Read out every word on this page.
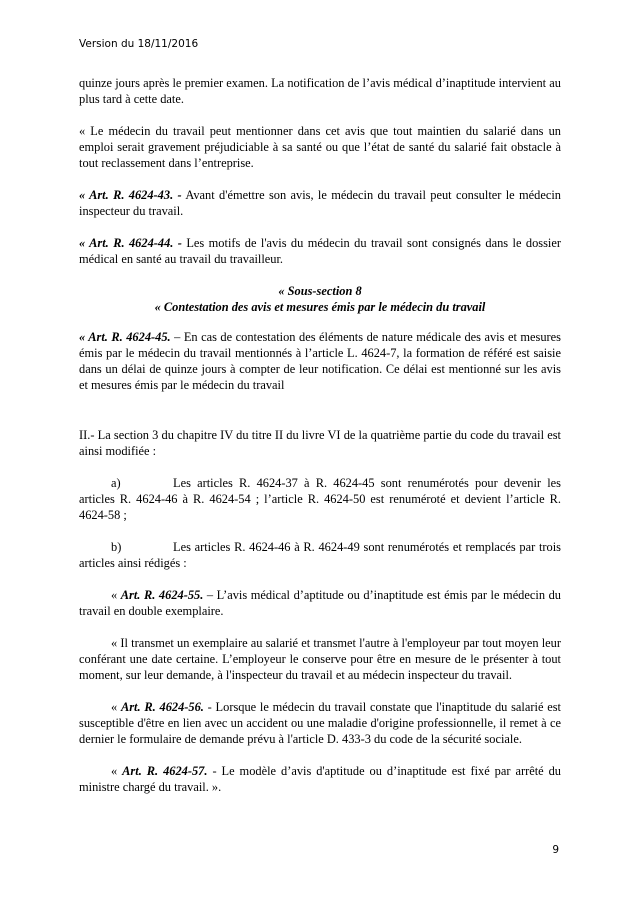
Version du 18/11/2016

quinze jours après le premier examen. La notification de l’avis médical d’inaptitude intervient au plus tard à cette date.

« Le médecin du travail peut mentionner dans cet avis que tout maintien du salarié dans un emploi serait gravement préjudiciable à sa santé ou que l’état de santé du salarié fait obstacle à tout reclassement dans l’entreprise.

« Art. R. 4624-43. - Avant d'émettre son avis, le médecin du travail peut consulter le médecin inspecteur du travail.

« Art. R. 4624-44. - Les motifs de l'avis du médecin du travail sont consignés dans le dossier médical en santé au travail du travailleur.

« Sous-section 8
« Contestation des avis et mesures émis par le médecin du travail

« Art. R. 4624-45. – En cas de contestation des éléments de nature médicale des avis et mesures émis par le médecin du travail mentionnés à l’article L. 4624-7, la formation de référé est saisie dans un délai de quinze jours à compter de leur notification. Ce délai est mentionné sur les avis et mesures émis par le médecin du travail

II.- La section 3 du chapitre IV du titre II du livre VI de la quatrième partie du code du travail est ainsi modifiée :

a)	Les articles R. 4624-37 à R. 4624-45 sont renumérotés pour devenir les articles R. 4624-46 à R. 4624-54 ; l’article R. 4624-50 est renuméroté et devient l’article R. 4624-58 ;

b)	Les articles R. 4624-46 à R. 4624-49 sont renumérotés et remplacés par trois articles ainsi rédigés :

« Art. R. 4624-55. – L’avis médical d’aptitude ou d’inaptitude est émis par le médecin du travail en double exemplaire.

« Il transmet un exemplaire au salarié et transmet l'autre à l'employeur par tout moyen leur conférant une date certaine. L’employeur le conserve pour être en mesure de le présenter à tout moment, sur leur demande, à l'inspecteur du travail et au médecin inspecteur du travail.

« Art. R. 4624-56. - Lorsque le médecin du travail constate que l'inaptitude du salarié est susceptible d'être en lien avec un accident ou une maladie d'origine professionnelle, il remet à ce dernier le formulaire de demande prévu à l'article D. 433-3 du code de la sécurité sociale.

« Art. R. 4624-57. - Le modèle d’avis d'aptitude ou d’inaptitude est fixé par arrêté du ministre chargé du travail. ».

9
